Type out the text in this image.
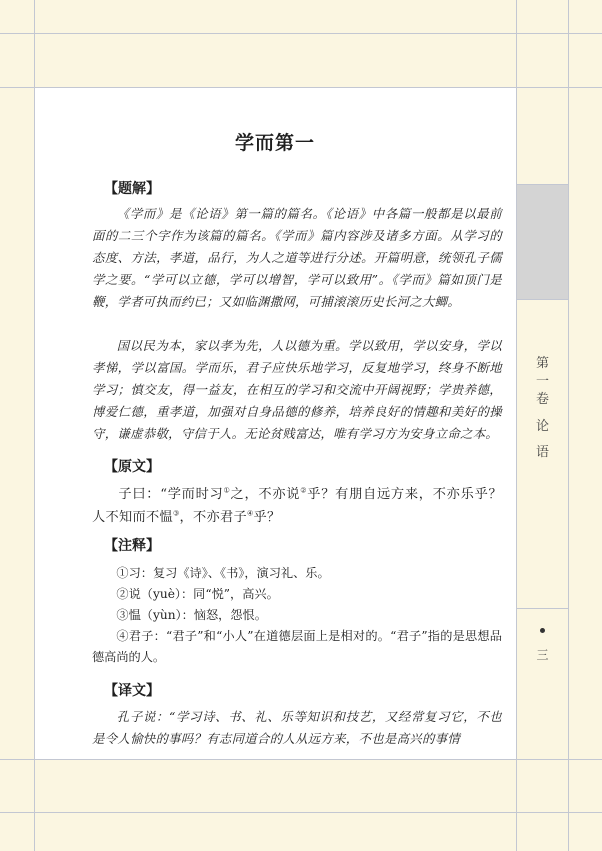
学而第一
【题解】

《学而》是《论语》第一篇的篇名。《论语》中各篇一般都是以最前面的二三个字作为该篇的篇名。《学而》篇内容涉及诸多方面。从学习的态度、方法，孝道，品行，为人之道等进行分述。开篇明意，统领孔子儒学之要。“学可以立德，学可以增智，学可以致用”。《学而》篇如顶门是鞭，学者可执而约已；又如临渊撒网，可捕滚滚历史长河之大鲫。

国以民为本，家以孝为先，人以德为重。学以致用，学以安身，学以孝悌，学以富国。学而乐，君子应快乐地学习，反复地学习，终身不断地学习；慎交友，得一益友，在相互的学习和交流中开阔视野；学贵养德，博爱仁德，重孝道，加强对自身品德的修养，培养良好的情趣和美好的操守，谦虚恭敬，守信于人。无论贫贱富达，唯有学习方为安身立命之本。

【原文】

子曰：“学而时习①之，不亦说②乎？有朋自远方来，不亦乐乎？人不知而不愠③，不亦君子④乎？

【注释】

①习：复习《诗》、《书》，演习礼、乐。

②说（yuè）：同“悦”，高兴。

③愠（yùn）：恼怒，怨恨。

④君子：“君子”和“小人”在道德层面上是相对的。“君子”指的是思想品德高尚的人。

【译文】

孔子说：“学习诗、书、礼、乐等知识和技艺，又经常复习它，不也是令人愉快的事吗？有志同道合的人从远方来，不也是高兴的事情

第
一
卷
论
语
三
